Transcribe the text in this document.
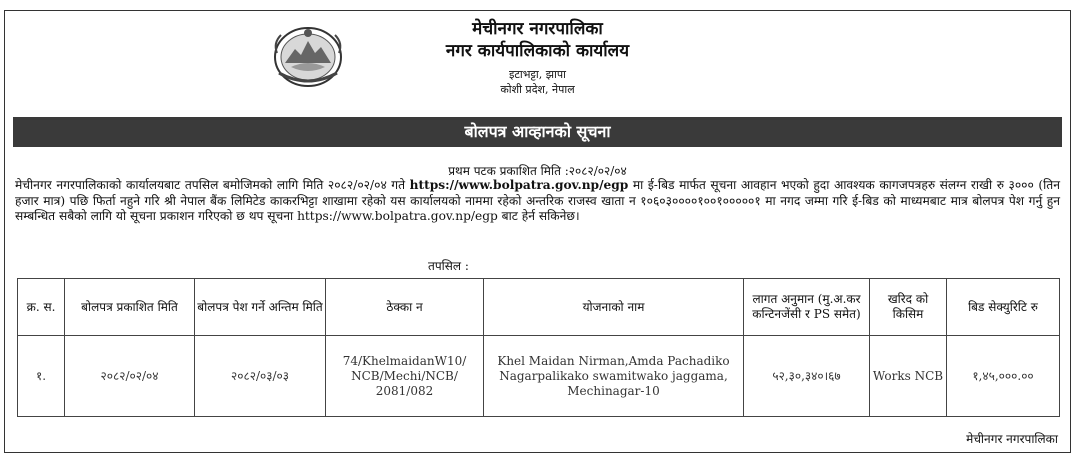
मेचीनगर नगरपालिका
नगर कार्यपालिकाको कार्यालय
इटाभट्टा, झापा
कोशी प्रदेश, नेपाल
बोलपत्र आव्हानको सूचना
प्रथम पटक प्रकाशित मिति :२०८२/०२/०४
मेचीनगर नगरपालिकाको कार्यालयबाट तपसिल बमोजिमको लागि मिति २०८२/०२/०४ गते https://www.bolpatra.gov.np/egp मा ई-बिड मार्फत सूचना आवहान भएको हुदा आवश्यक कागजपत्रहरु संलग्न राखी रु ३००० (तिन हजार मात्र) पछि फिर्ता नहुने गरि श्री नेपाल बैंक लिमिटेड काकरभिट्टा शाखामा रहेको यस कार्यालयको नाममा रहेको अन्तरिक राजस्व खाता न १०६०३००००१००१०००००१ मा नगद जम्मा गरि ई-बिड को माध्यमबाट मात्र बोलपत्र पेश गर्नु हुन सम्बन्धित सबैको लागि यो सूचना प्रकाशन गरिएको छ थप सूचना https://www.bolpatra.gov.np/egp बाट हेर्न सकिनेछ।
तपसिल :
क्र. स.	बोलपत्र प्रकाशित मिति	बोलपत्र पेश गर्ने अन्तिम मिति	ठेक्का न	योजनाको नाम	लागत अनुमान (मु.अ.कर कन्टिनजेंसी र PS समेत)	खरिद को किसिम	बिड सेक्युरिटि रु
१.	२०८२/०२/०४	२०८२/०३/०३	74/KhelmaidanW10/ NCB/Mechi/NCB/ 2081/082	Khel Maidan Nirman,Amda Pachadiko Nagarpalikako swamitwako jaggama, Mechinagar-10	५२,३०,३४०।६७	Works NCB	१,४५,०००.००
मेचीनगर नगरपालिका
